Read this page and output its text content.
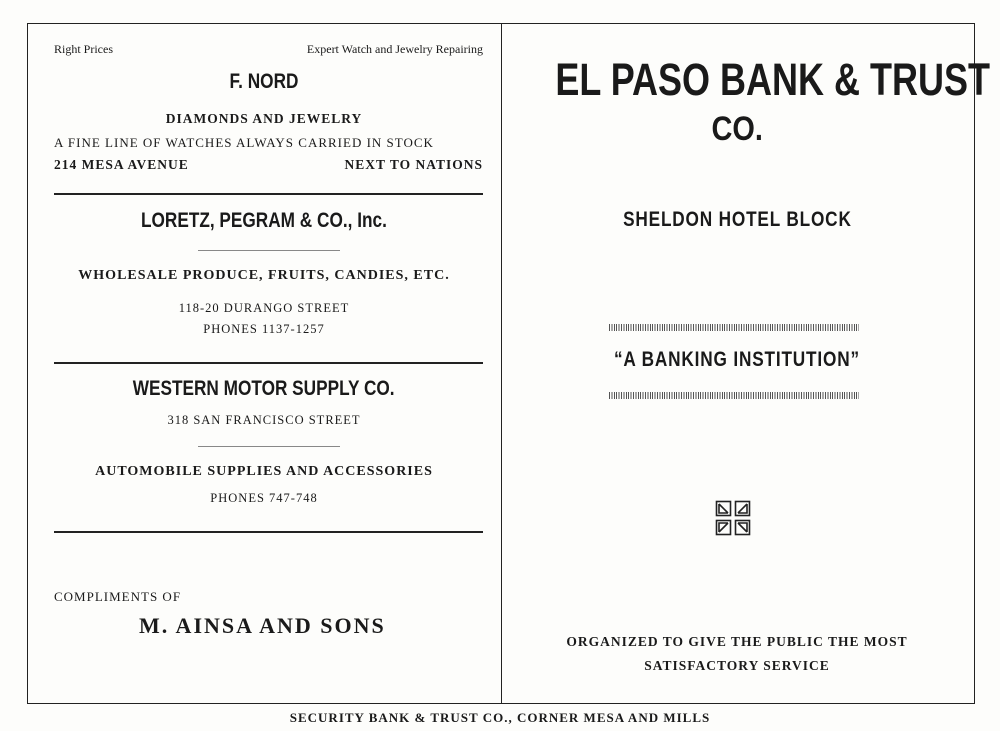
Right Prices	Expert Watch and Jewelry Repairing
F. NORD
DIAMONDS AND JEWELRY
A FINE LINE OF WATCHES ALWAYS CARRIED IN STOCK
214 MESA AVENUE	NEXT TO NATIONS
LORETZ, PEGRAM & CO., Inc.
WHOLESALE PRODUCE, FRUITS, CANDIES, ETC.
118-20 DURANGO STREET
PHONES 1137-1257
WESTERN MOTOR SUPPLY CO.
318 SAN FRANCISCO STREET
AUTOMOBILE SUPPLIES AND ACCESSORIES
PHONES 747-748
COMPLIMENTS OF
M. AINSA AND SONS
EL PASO BANK & TRUST
CO.
SHELDON HOTEL BLOCK
“A BANKING INSTITUTION”
ORGANIZED TO GIVE THE PUBLIC THE MOST
SATISFACTORY SERVICE
SECURITY BANK & TRUST CO., CORNER MESA AND MILLS
